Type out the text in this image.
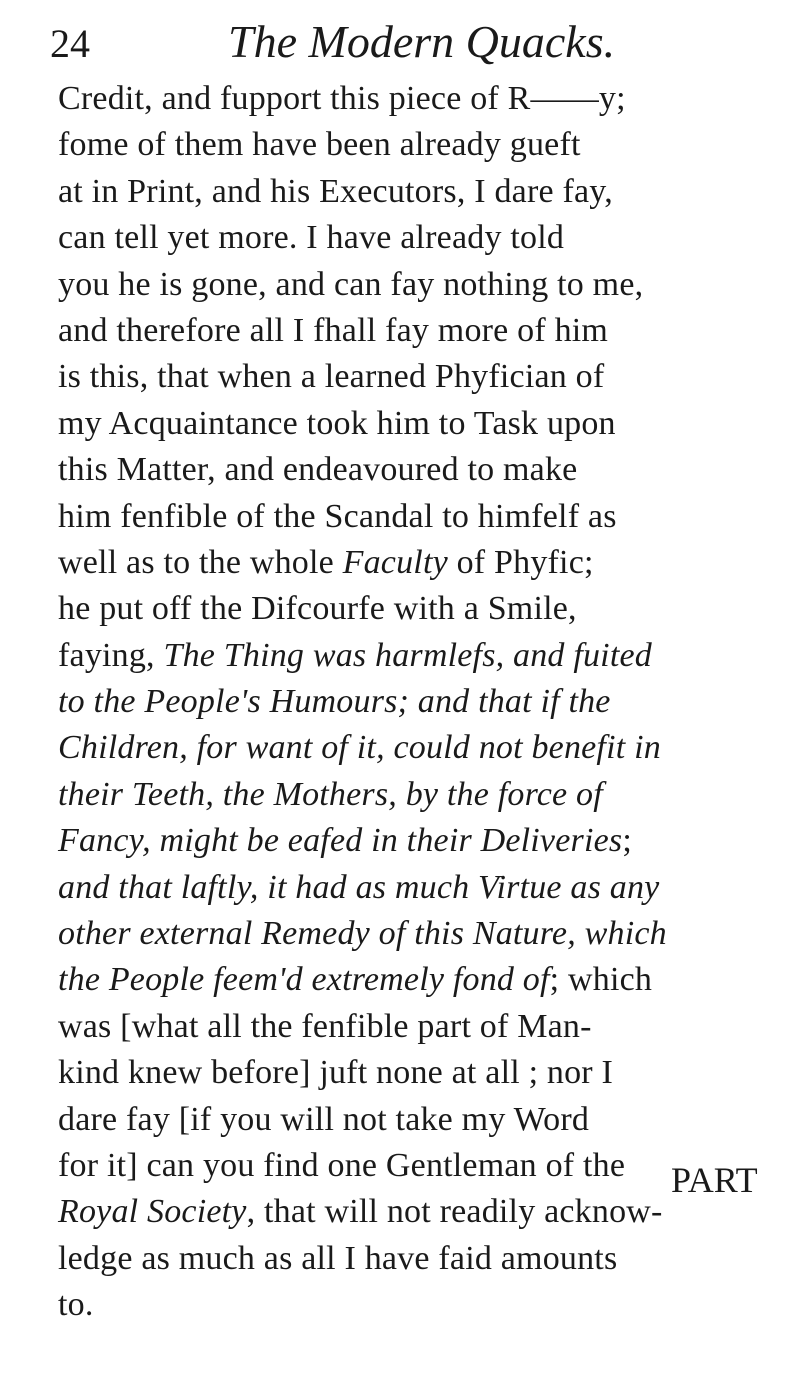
24	The Modern Quacks.
Credit, and fupport this piece of R——y;
fome of them have been already gueft
at in Print, and his Executors, I dare fay,
can tell yet more. I have already told
you he is gone, and can fay nothing to me,
and therefore all I fhall fay more of him
is this, that when a learned Phyfician of
my Acquaintance took him to Task upon
this Matter, and endeavoured to make
him fenfible of the Scandal to himfelf as
well as to the whole Faculty of Phyfic;
he put off the Difcourfe with a Smile,
faying, The Thing was harmlefs, and fuited
to the People's Humours; and that if the
Children, for want of it, could not benefit in
their Teeth, the Mothers, by the force of
Fancy, might be eafed in their Deliveries;
and that laftly, it had as much Virtue as any
other external Remedy of this Nature, which
the People feem'd extremely fond of; which
was [what all the fenfible part of Man-
kind knew before] juft none at all ; nor I
dare fay [if you will not take my Word
for it] can you find one Gentleman of the
Royal Society, that will not readily acknow-
ledge as much as all I have faid amounts
to.
PART
